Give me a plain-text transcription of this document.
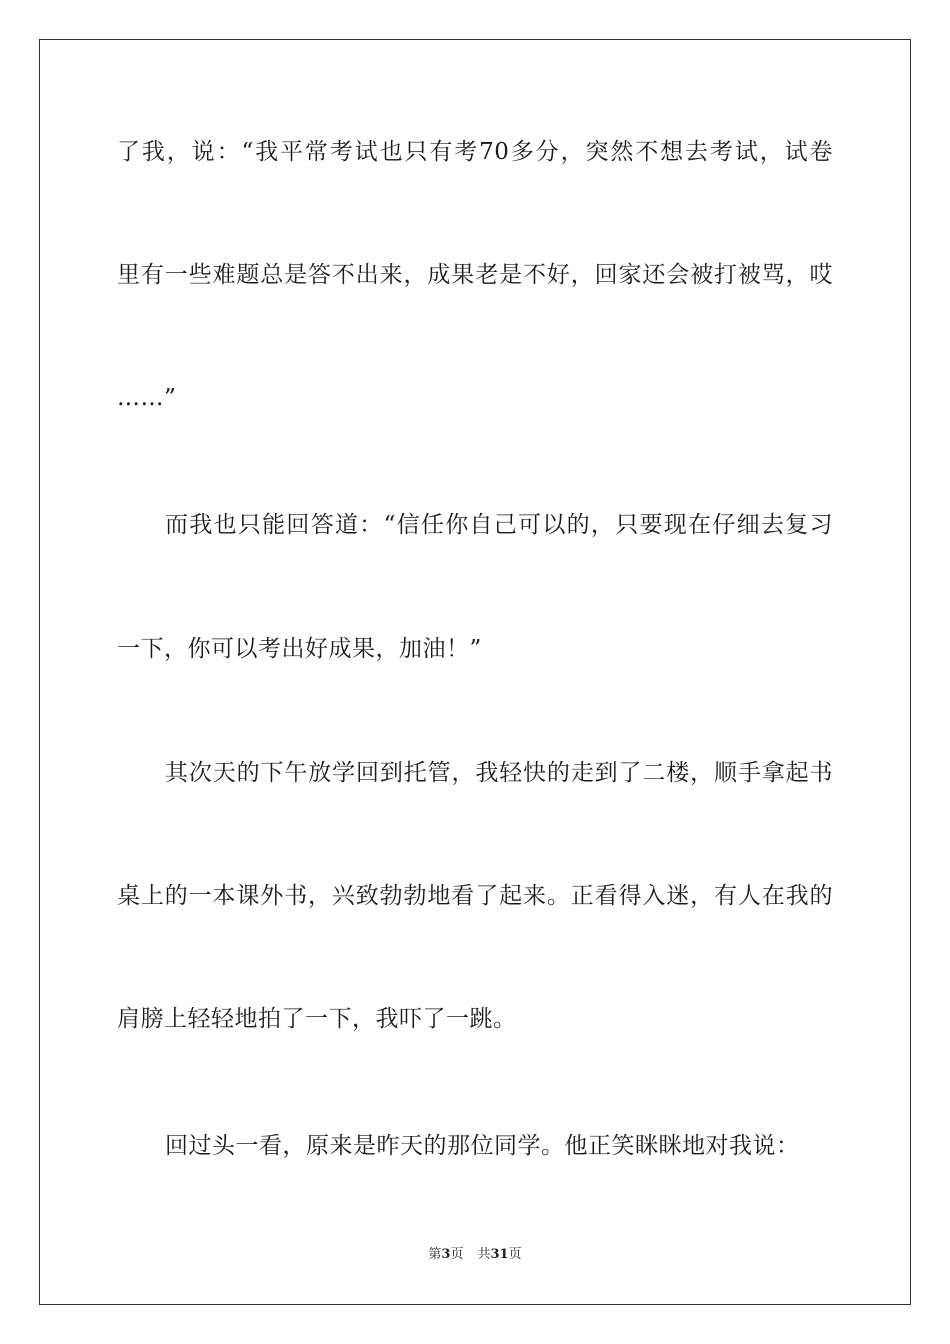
了我，说：“我平常考试也只有考70多分，突然不想去考试，试卷
里有一些难题总是答不出来，成果老是不好，回家还会被打被骂，哎
……”
而我也只能回答道：“信任你自己可以的，只要现在仔细去复习
一下，你可以考出好成果，加油！”
其次天的下午放学回到托管，我轻快的走到了二楼，顺手拿起书
桌上的一本课外书，兴致勃勃地看了起来。正看得入迷，有人在我的
肩膀上轻轻地拍了一下，我吓了一跳。
回过头一看，原来是昨天的那位同学。他正笑眯眯地对我说：
第3页 共31页
